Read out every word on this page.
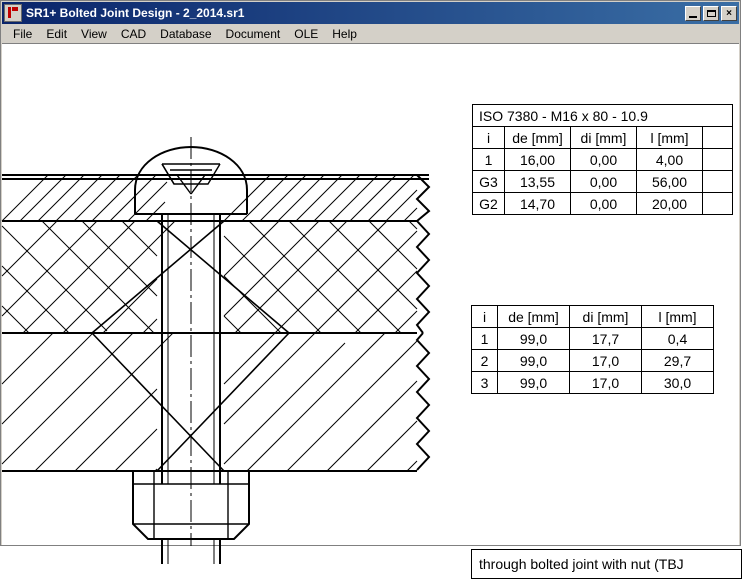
SR1+ Bolted Joint Design - 2_2014.sr1	×
File	Edit	View	CAD	Database	Document	OLE	Help
ISO 7380 - M16 x 80 - 10.9				
i	de [mm]	di [mm]	l [mm]	
1	16,00	0,00	4,00	
G3	13,55	0,00	56,00	
G2	14,70	0,00	20,00	
i	de [mm]	di [mm]	l [mm]
1	99,0	17,7	0,4
2	99,0	17,0	29,7
3	99,0	17,0	30,0
through bolted joint with nut (TBJ
